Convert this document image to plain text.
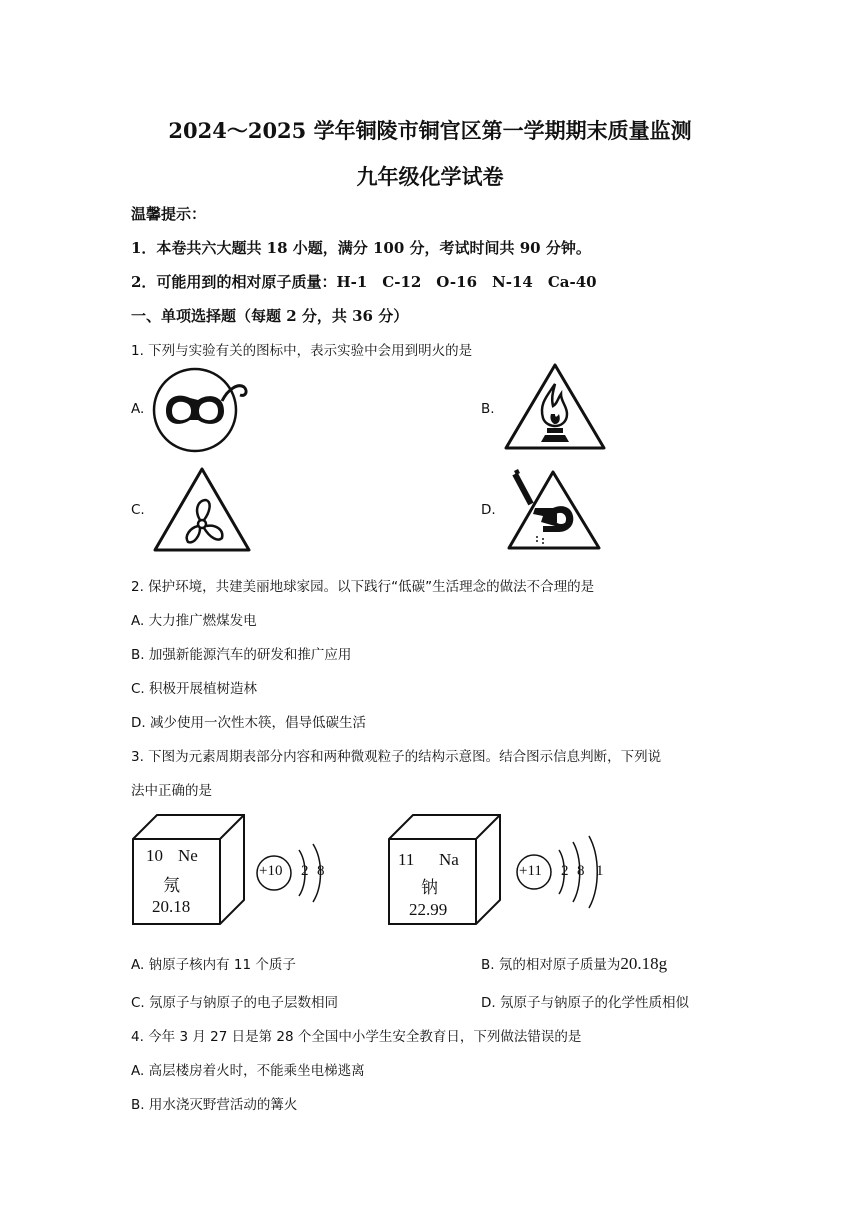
2024～2025 学年铜陵市铜官区第一学期期末质量监测
九年级化学试卷
温馨提示：
1．本卷共六大题共 18 小题，满分 100 分，考试时间共 90 分钟。
2．可能用到的相对原子质量：H-1　C-12　O-16　N-14　Ca-40
一、单项选择题（每题 2 分，共 36 分）
1. 下列与实验有关的图标中，表示实验中会用到明火的是
A.	B.
C.	D.
2. 保护环境，共建美丽地球家园。以下践行“低碳”生活理念的做法不合理的是
A. 大力推广燃煤发电
B. 加强新能源汽车的研发和推广应用
C. 积极开展植树造林
D. 减少使用一次性木筷，倡导低碳生活
3. 下图为元素周期表部分内容和两种微观粒子的结构示意图。结合图示信息判断，下列说
法中正确的是
10 Ne
氖
20.18
+10 2 8
11 Na
钠
22.99
+11 2 8 1
A. 钠原子核内有 11 个质子	B. 氖的相对原子质量为20.18g
C. 氖原子与钠原子的电子层数相同	D. 氖原子与钠原子的化学性质相似
4. 今年 3 月 27 日是第 28 个全国中小学生安全教育日，下列做法错误的是
A. 高层楼房着火时，不能乘坐电梯逃离
B. 用水浇灭野营活动的篝火
